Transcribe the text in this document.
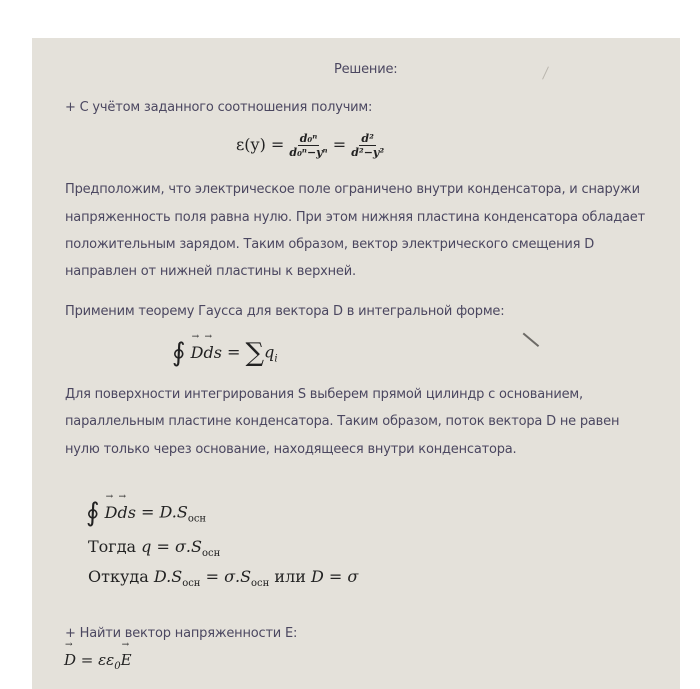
Решение:
+ С учётом заданного соотношения получим:
$\varepsilon(y) = \frac{\text{d₀ⁿ}}{\text{d₀ⁿ−yⁿ}} = \frac{\text{d²}}{\text{d²−y²}}$
Предположим, что электрическое поле ограничено внутри конденсатора, и снаружи
напряженность поля равна нулю. При этом нижняя пластина конденсатора обладает
положительным зарядом. Таким образом, вектор электрического смещения D
направлен от нижней пластины к верхней.
Применим теорему Гаусса для вектора D в интегральной форме:
∮ → D→ ds = $\sum q_i$
Для поверхности интегрирования S выберем прямой цилиндр с основанием,
параллельным пластине конденсатора. Таким образом, поток вектора D не равен
нулю только через основание, находящееся внутри конденсатора.
∮ → D→ ds = $D.S_{осн}$
Тогда $q = \sigma.S_{осн}$
Откуда $D.S_{осн} = \sigma.S_{осн}$ или D = σ
+ Найти вектор напряженности E:
→ $D = \varepsilon\varepsilon_0\to E$
